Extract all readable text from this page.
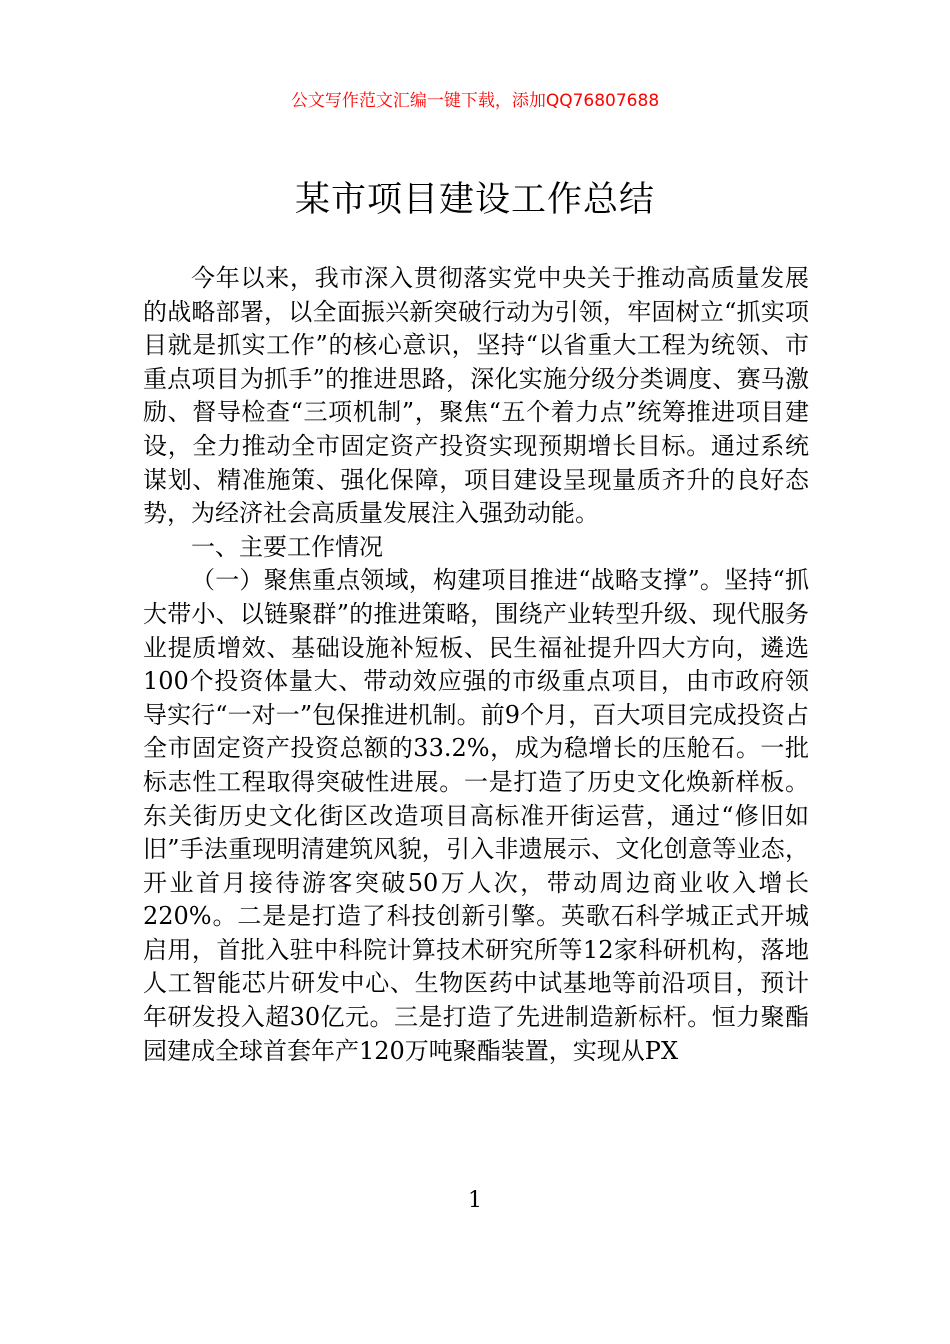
公文写作范文汇编一键下载，添加QQ76807688
某市项目建设工作总结

今年以来，我市深入贯彻落实党中央关于推动高质量发展的战略部署，以全面振兴新突破行动为引领，牢固树立“抓实项目就是抓实工作”的核心意识，坚持“以省重大工程为统领、市重点项目为抓手”的推进思路，深化实施分级分类调度、赛马激励、督导检查“三项机制”，聚焦“五个着力点”统筹推进项目建设，全力推动全市固定资产投资实现预期增长目标。通过系统谋划、精准施策、强化保障，项目建设呈现量质齐升的良好态势，为经济社会高质量发展注入强劲动能。

一、主要工作情况

（一）聚焦重点领域，构建项目推进“战略支撑”。坚持“抓大带小、以链聚群”的推进策略，围绕产业转型升级、现代服务业提质增效、基础设施补短板、民生福祉提升四大方向，遴选100个投资体量大、带动效应强的市级重点项目，由市政府领导实行“一对一”包保推进机制。前9个月，百大项目完成投资占全市固定资产投资总额的33.2%，成为稳增长的压舱石。一批标志性工程取得突破性进展。一是打造了历史文化焕新样板。东关街历史文化街区改造项目高标准开街运营，通过“修旧如旧”手法重现明清建筑风貌，引入非遗展示、文化创意等业态，开业首月接待游客突破50万人次，带动周边商业收入增长220%。二是是打造了科技创新引擎。英歌石科学城正式开城启用，首批入驻中科院计算技术研究所等12家科研机构，落地人工智能芯片研发中心、生物医药中试基地等前沿项目，预计年研发投入超30亿元。三是打造了先进制造新标杆。恒力聚酯园建成全球首套年产120万吨聚酯装置，实现从PX

1
